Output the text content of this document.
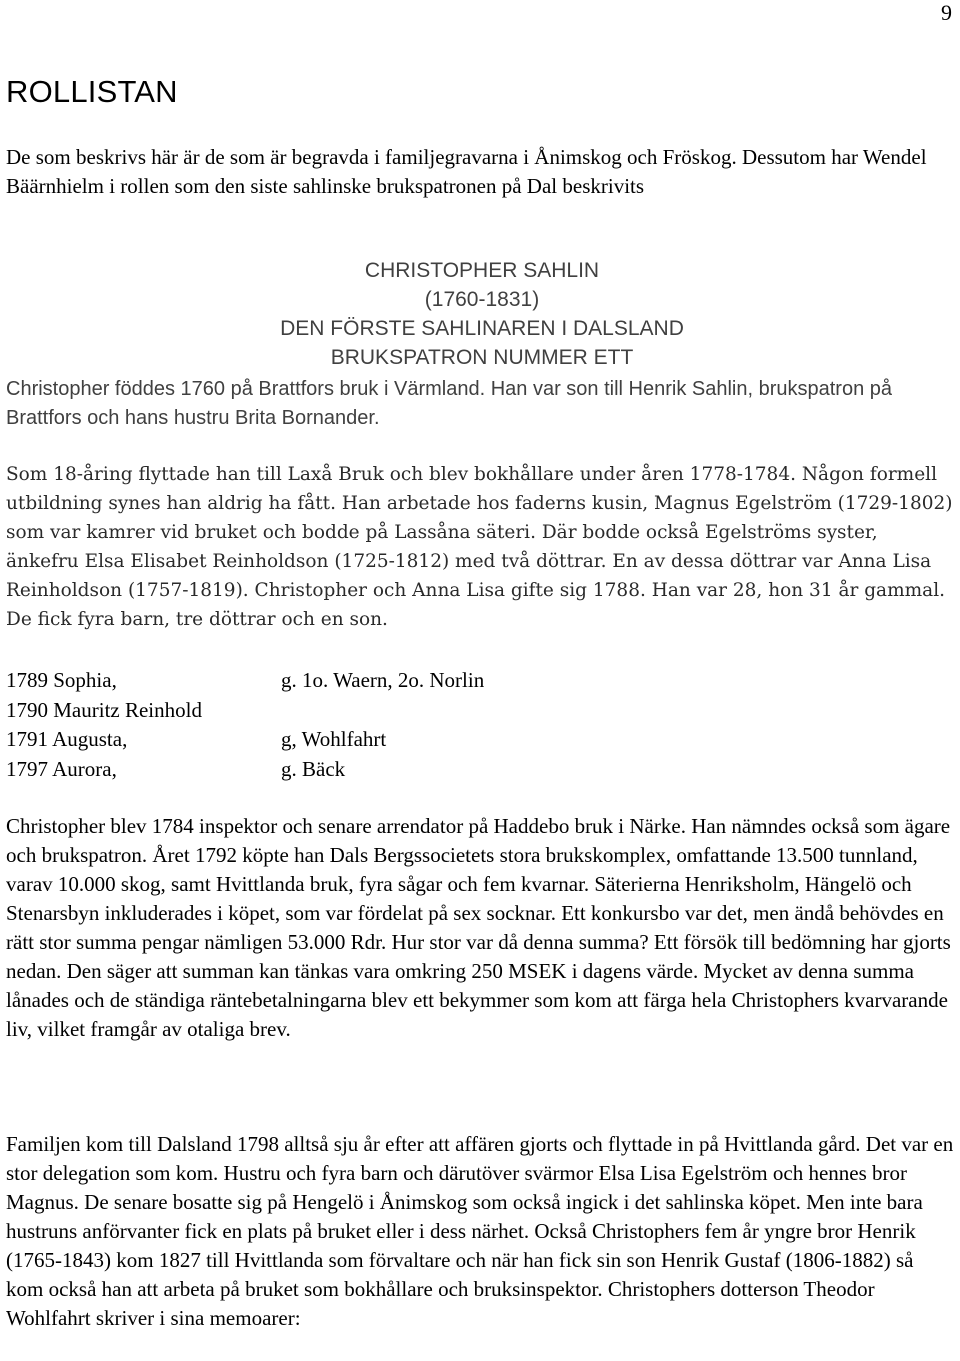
9
ROLLISTAN

De som beskrivs här är de som är begravda i familjegravarna i Ånimskog och Fröskog. Dessutom har Wendel Bäärnhielm i rollen som den siste sahlinske brukspatronen på Dal beskrivits

CHRISTOPHER SAHLIN
(1760-1831)
DEN FÖRSTE SAHLINAREN I DALSLAND
BRUKSPATRON NUMMER ETT

Christopher föddes 1760 på Brattfors bruk i Värmland. Han var son till Henrik Sahlin, brukspatron på Brattfors och hans hustru Brita Bornander.

Som 18-åring flyttade han till Laxå Bruk och blev bokhållare under åren 1778-1784. Någon formell utbildning synes han aldrig ha fått. Han arbetade hos faderns kusin, Magnus Egelström (1729-1802) som var kamrer vid bruket och bodde på Lassåna säteri. Där bodde också Egelströms syster, änkefru Elsa Elisabet Reinholdson (1725-1812) med två döttrar. En av dessa döttrar var Anna Lisa Reinholdson (1757-1819). Christopher och Anna Lisa gifte sig 1788. Han var 28, hon 31 år gammal. De fick fyra barn, tre döttrar och en son.

1789 Sophia,	g. 1o. Waern, 2o. Norlin
1790 Mauritz Reinhold
1791 Augusta,	g, Wohlfahrt
1797 Aurora,	g. Bäck

Christopher blev 1784 inspektor och senare arrendator på Haddebo bruk i Närke. Han nämndes också som ägare och brukspatron. Året 1792 köpte han Dals Bergssocietets stora brukskomplex, omfattande 13.500 tunnland, varav 10.000 skog, samt Hvittlanda bruk, fyra sågar och fem kvarnar. Säterierna Henriksholm, Hängelö och Stenarsbyn inkluderades i köpet, som var fördelat på sex socknar. Ett konkursbo var det, men ändå behövdes en rätt stor summa pengar nämligen 53.000 Rdr. Hur stor var då denna summa? Ett försök till bedömning har gjorts nedan. Den säger att summan kan tänkas vara omkring 250 MSEK i dagens värde. Mycket av denna summa lånades och de ständiga räntebetalningarna blev ett bekymmer som kom att färga hela Christophers kvarvarande liv, vilket framgår av otaliga brev.

Familjen kom till Dalsland 1798 alltså sju år efter att affären gjorts och flyttade in på Hvittlanda gård. Det var en stor delegation som kom. Hustru och fyra barn och därutöver svärmor Elsa Lisa Egelström och hennes bror Magnus. De senare bosatte sig på Hengelö i Ånimskog som också ingick i det sahlinska köpet. Men inte bara hustruns anförvanter fick en plats på bruket eller i dess närhet. Också Christophers fem år yngre bror Henrik (1765-1843) kom 1827 till Hvittlanda som förvaltare och när han fick sin son Henrik Gustaf (1806-1882) så kom också han att arbeta på bruket som bokhållare och bruksinspektor. Christophers dotterson Theodor Wohlfahrt skriver i sina memoarer:
